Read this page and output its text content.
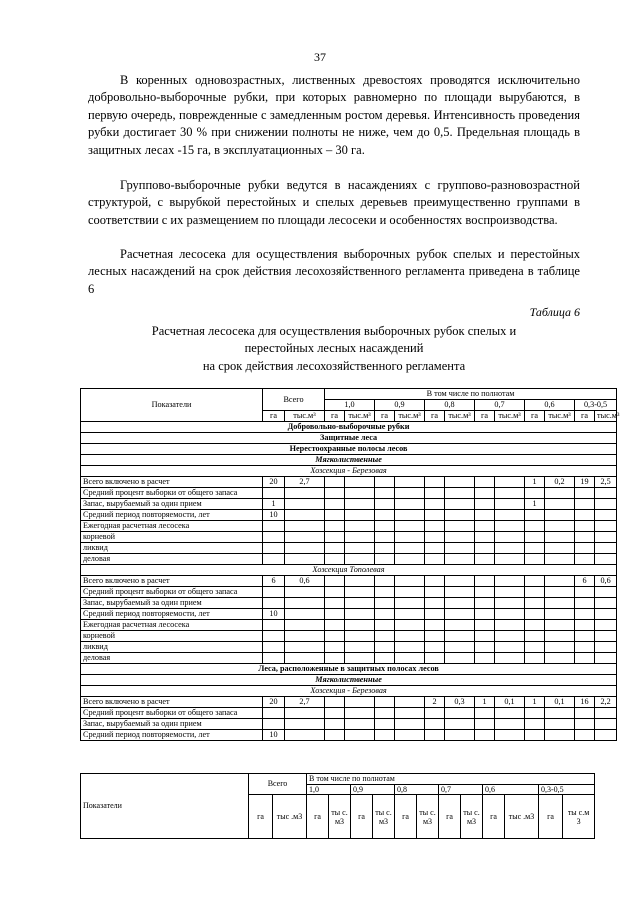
37

В коренных одновозрастных, лиственных древостоях проводятся исключительно добровольно-выборочные рубки, при которых равномерно по площади вырубаются, в первую очередь, поврежденные с замедленным ростом деревья. Интенсивность проведения рубки достигает 30 % при снижении полноты не ниже, чем до 0,5. Предельная площадь в защитных лесах -15 га, в эксплуатационных – 30 га.

Группово-выборочные рубки ведутся в насаждениях с группово-разновозрастной структурой, с вырубкой перестойных и спелых деревьев преимущественно группами в соответствии с их размещением по площади лесосеки и особенностях воспроизводства.

Расчетная лесосека для осуществления выборочных рубок спелых и перестойных лесных насаждений на срок действия лесохозяйственного регламента приведена в таблице 6

Таблица 6
Расчетная лесосека для осуществления выборочных рубок спелых и
перестойных лесных насаждений
на срок действия лесохозяйственного регламента
Показатели	Всего		В том числе по полнотам											
			1,0		0,9		0,8		0,7		0,6		0,3-0,5	
	га	тыс.м³	га	тыс.м³	га	тыс.м³	га	тыс.м³	га	тыс.м³	га	тыс.м³	га	тыс.м³
Добровольно-выборочные рубки														
Защитные леса														
Нерестоохранные полосы лесов														
Мягколиственные														
Хозсекция - Березовая														
Всего включено в расчет	20	2,7									1	0,2	19	2,5
Средний процент выборки от общего запаса														
Запас, вырубаемый за один прием	1										1			
Средний период повторяемости, лет	10													
Ежегодная расчетная лесосека														
корневой														
ликвид														
деловая														
Хозсекция Тополевая														
Всего включено в расчет	6	0,6											6	0,6
Средний процент выборки от общего запаса														
Запас, вырубаемый за один прием														
Средний период повторяемости, лет	10													
Ежегодная расчетная лесосека														
корневой														
ликвид														
деловая														
Леса, расположенные в защитных полосах лесов														
Мягколиственные														
Хозсекция - Березовая														
Всего включено в расчет	20	2,7					2	0,3	1	0,1	1	0,1	16	2,2
Средний процент выборки от общего запаса														
Запас, вырубаемый за один прием														
Средний период повторяемости, лет	10													
Показатели	Всего		В том числе по полнотам											
			1,0		0,9		0,8		0,7		0,6		0,3-0,5	
	га	тыс .м3	га	ты с. м3	га	ты с. м3	га	ты с. м3	га	ты с. м3	га	тыс .м3	га	ты с.м 3
